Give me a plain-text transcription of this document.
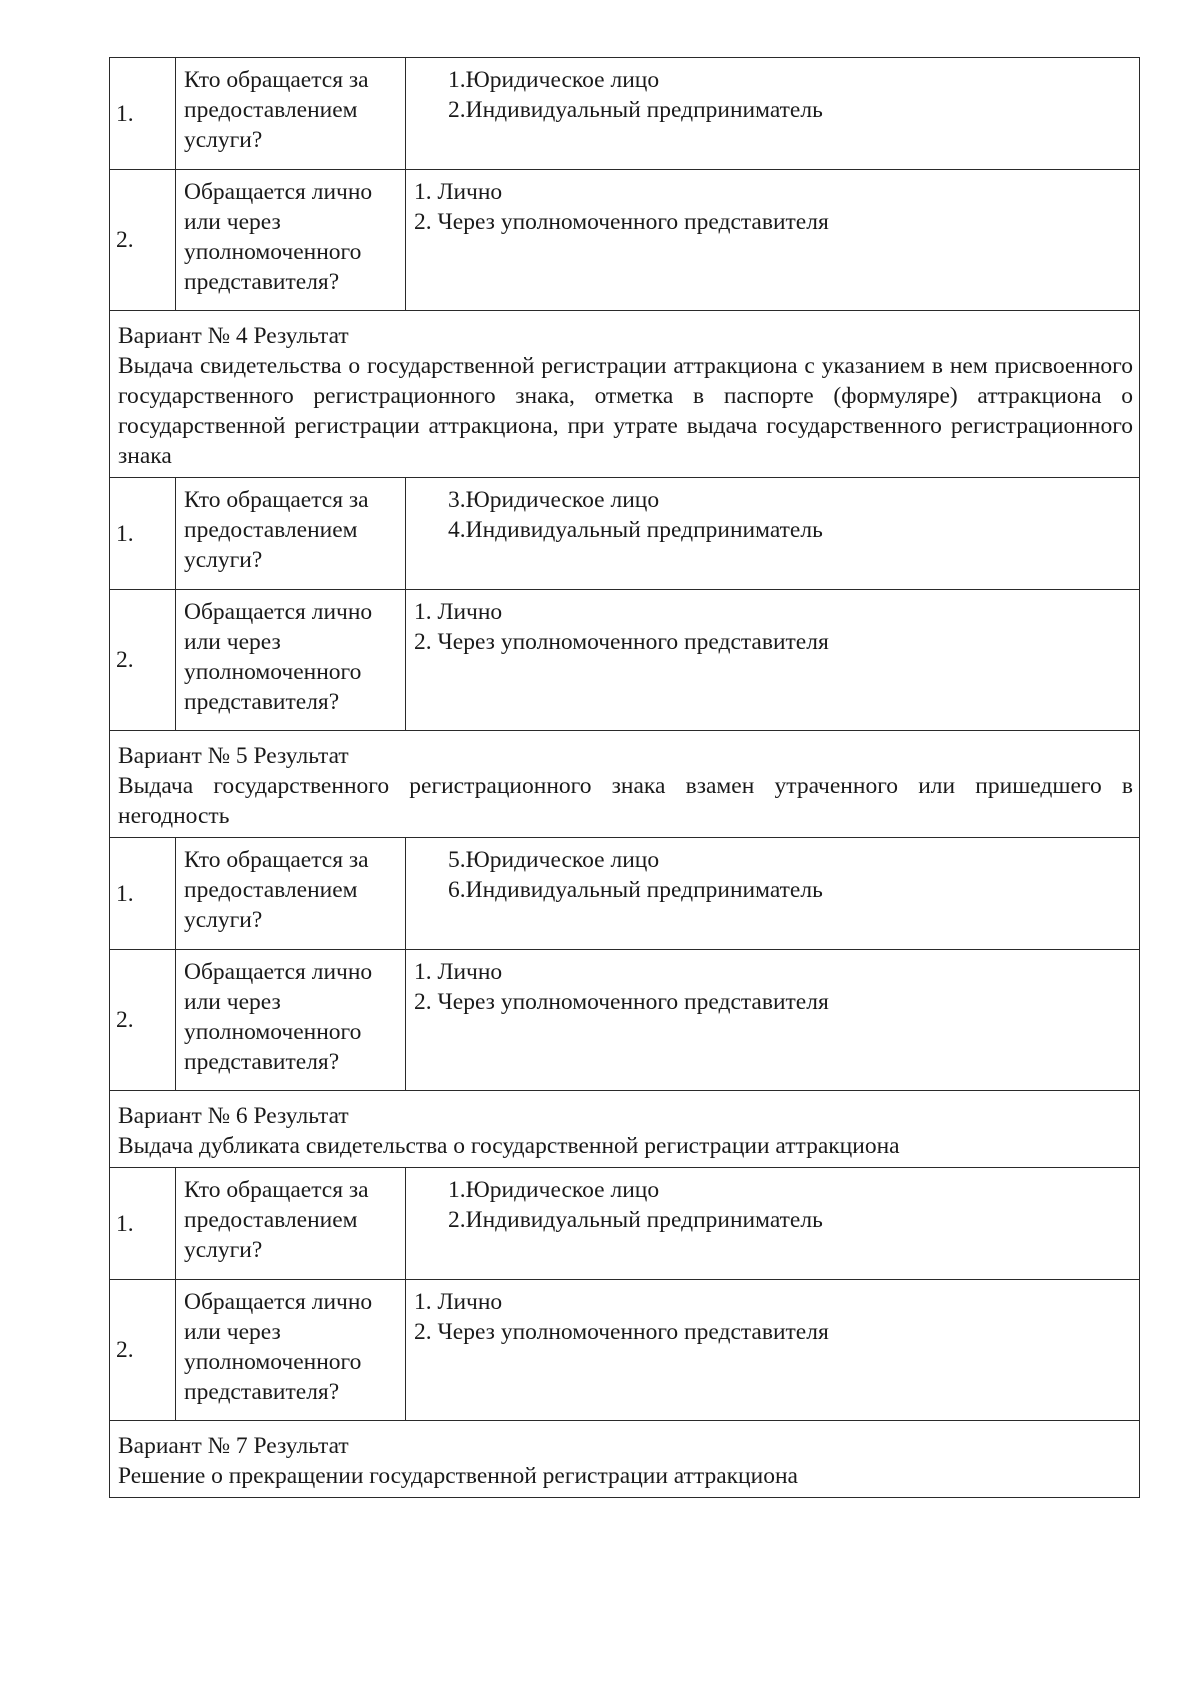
1.	Кто обращается за
предоставлением
услуги?	1.Юридическое лицо
2.Индивидуальный предприниматель

2.	Обращается лично
или через
уполномоченного
представителя?	1. Лично
2. Через уполномоченного представителя

Вариант № 4 Результат
Выдача свидетельства о государственной регистрации аттракциона с указанием в нем присвоенного государственного регистрационного знака, отметка в паспорте (формуляре) аттракциона о государственной регистрации аттракциона, при утрате выдача государственного регистрационного знака		

1.	Кто обращается за
предоставлением
услуги?	3.Юридическое лицо
4.Индивидуальный предприниматель

2.	Обращается лично
или через
уполномоченного
представителя?	1. Лично
2. Через уполномоченного представителя

Вариант № 5 Результат
Выдача государственного регистрационного знака взамен утраченного или пришедшего в негодность		

1.	Кто обращается за
предоставлением
услуги?	5.Юридическое лицо
6.Индивидуальный предприниматель

2.	Обращается лично
или через
уполномоченного
представителя?	1. Лично
2. Через уполномоченного представителя

Вариант № 6 Результат
Выдача дубликата свидетельства о государственной регистрации аттракциона		

1.	Кто обращается за
предоставлением
услуги?	1.Юридическое лицо
2.Индивидуальный предприниматель

2.	Обращается лично
или через
уполномоченного
представителя?	1. Лично
2. Через уполномоченного представителя

Вариант № 7 Результат
Решение о прекращении государственной регистрации аттракциона		
